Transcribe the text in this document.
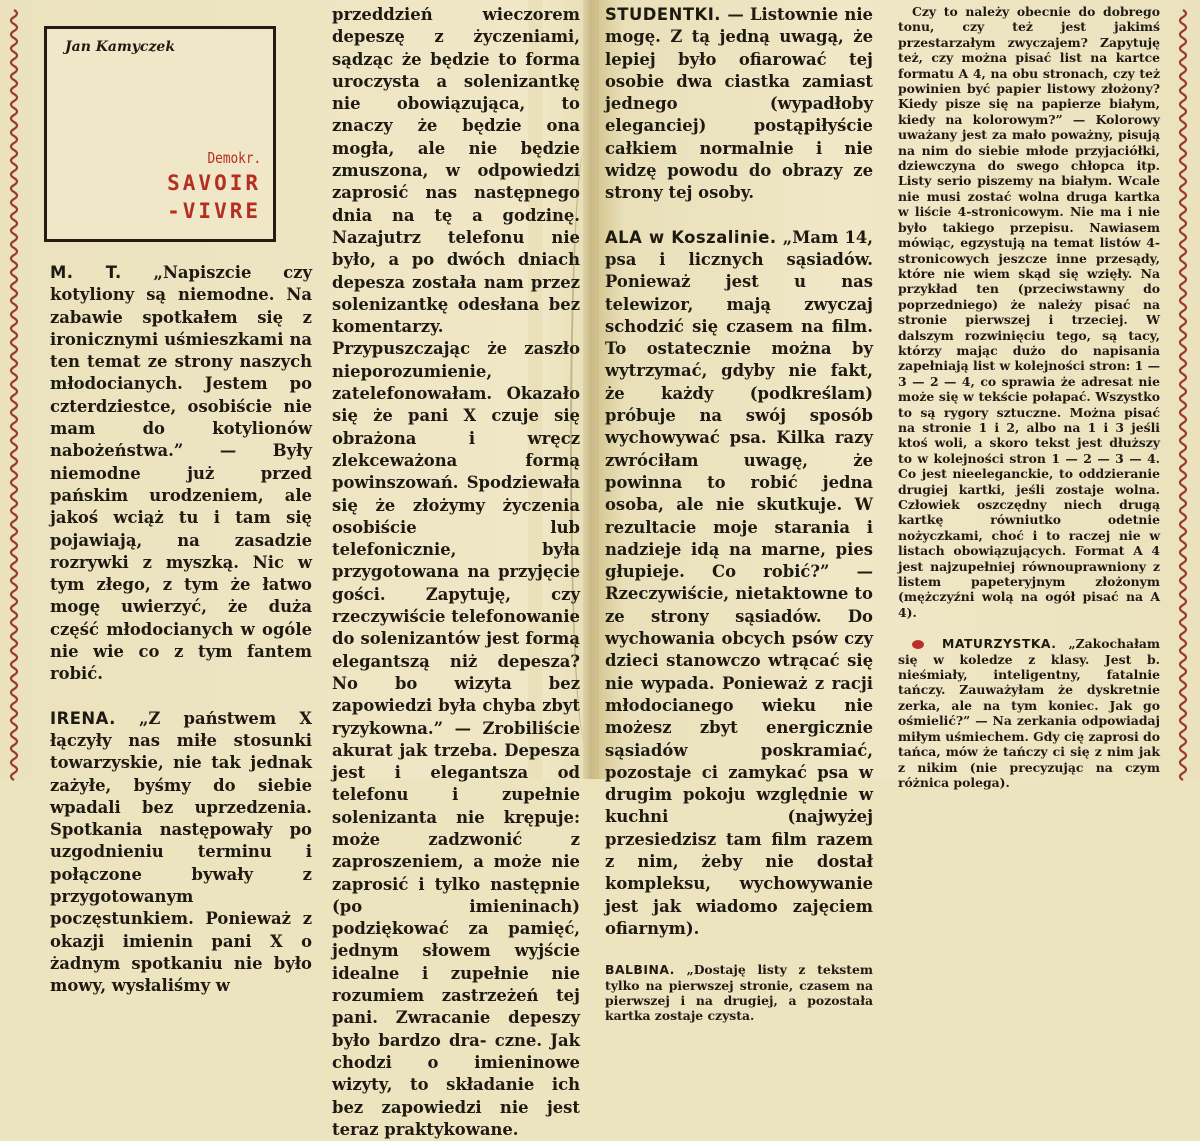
Jan Kamyczek
Demokr.
SAVOIR
-VIVRE

M. T. „Napiszcie czy kotyliony są niemodne. Na zabawie spotkałem się z ironicznymi uśmieszkami na ten temat ze strony naszych młodocianych. Jestem po czterdziestce, osobiście nie mam do kotylionów nabożeństwa.” — Były niemodne już przed pańskim urodzeniem, ale jakoś wciąż tu i tam się pojawiają, na zasadzie rozrywki z myszką. Nic w tym złego, z tym że łatwo mogę uwierzyć, że duża część młodocianych w ogóle nie wie co z tym fantem robić.

IRENA. „Z państwem X łączyły nas miłe stosunki towarzyskie, nie tak jednak zażyłe, byśmy do siebie wpadali bez uprzedzenia. Spotkania następowały po uzgodnieniu terminu i połączone bywały z przygotowanym poczęstunkiem. Ponieważ z okazji imienin pani X o żadnym spotkaniu nie było mowy, wysłaliśmy w

przeddzień wieczorem depeszę z życzeniami, sądząc że będzie to forma uroczysta a solenizantkę nie obowiązująca, to znaczy że będzie ona mogła, ale nie będzie zmuszona, w odpowiedzi zaprosić nas następnego dnia na tę a godzinę. Nazajutrz telefonu nie było, a po dwóch dniach depesza została nam przez solenizantkę odesłana bez komentarzy. Przypuszczając że zaszło nieporozumienie, zatelefonowałam. Okazało się że pani X czuje się obrażona i wręcz zlekceważona formą powinszowań. Spodziewała się że złożymy życzenia osobiście lub telefonicznie, była przygotowana na przyjęcie gości. Zapytuję, czy rzeczywiście telefonowanie do solenizantów jest formą elegantszą niż depesza? No bo wizyta bez zapowiedzi była chyba zbyt ryzykowna.” — Zrobiliście akurat jak trzeba. Depesza jest i elegantsza od telefonu i zupełnie solenizanta nie krępuje: może zadzwonić z zaproszeniem, a może nie zaprosić i tylko następnie (po imieninach) podziękować za pamięć, jednym słowem wyjście idealne i zupełnie nie rozumiem zastrzeżeń tej pani. Zwracanie depeszy było bardzo dra- czne. Jak chodzi o imieninowe wizyty, to składanie ich bez zapowiedzi nie jest teraz praktykowane.

STUDENTKI. — Listownie nie mogę. Z tą jedną uwagą, że lepiej było ofiarować tej osobie dwa ciastka zamiast jednego (wypadłoby eleganciej) postąpiłyście całkiem normalnie i nie widzę powodu do obrazy ze strony tej osoby.

ALA w Koszalinie. „Mam 14, psa i licznych sąsiadów. Ponieważ jest u nas telewizor, mają zwyczaj schodzić się czasem na film. To ostatecznie można by wytrzymać, gdyby nie fakt, że każdy (podkreślam) próbuje na swój sposób wychowywać psa. Kilka razy zwróciłam uwagę, że powinna to robić jedna osoba, ale nie skutkuje. W rezultacie moje starania i nadzieje idą na marne, pies głupieje. Co robić?” — Rzeczywiście, nietaktowne to ze strony sąsiadów. Do wychowania obcych psów czy dzieci stanowczo wtrącać się nie wypada. Ponieważ z racji młodocianego wieku nie możesz zbyt energicznie sąsiadów poskramiać, pozostaje ci zamykać psa w drugim pokoju względnie w kuchni (najwyżej przesiedzisz tam film razem z nim, żeby nie dostał kompleksu, wychowywanie jest jak wiadomo zajęciem ofiarnym).

BALBINA. „Dostaję listy z tekstem tylko na pierwszej stronie, czasem na pierwszej i na drugiej, a pozostała kartka zostaje czysta.

Czy to należy obecnie do dobrego tonu, czy też jest jakimś przestarzałym zwyczajem? Zapytuję też, czy można pisać list na kartce formatu A 4, na obu stronach, czy też powinien być papier listowy złożony? Kiedy pisze się na papierze białym, kiedy na kolorowym?” — Kolorowy uważany jest za mało poważny, pisują na nim do siebie młode przyjaciółki, dziewczyna do swego chłopca itp. Listy serio piszemy na białym. Wcale nie musi zostać wolna druga kartka w liście 4-stronicowym. Nie ma i nie było takiego przepisu. Nawiasem mówiąc, egzystują na temat listów 4-stronicowych jeszcze inne przesądy, które nie wiem skąd się wzięły. Na przykład ten (przeciwstawny do poprzedniego) że należy pisać na stronie pierwszej i trzeciej. W dalszym rozwinięciu tego, są tacy, którzy mając dużo do napisania zapełniają list w kolejności stron: 1 — 3 — 2 — 4, co sprawia że adresat nie może się w tekście połapać. Wszystko to są rygory sztuczne. Można pisać na stronie 1 i 2, albo na 1 i 3 jeśli ktoś woli, a skoro tekst jest dłuższy to w kolejności stron 1 — 2 — 3 — 4. Co jest nieeleganckie, to oddzieranie drugiej kartki, jeśli zostaje wolna. Człowiek oszczędny niech drugą kartkę równiutko odetnie nożyczkami, choć i to raczej nie w listach obowiązujących. Format A 4 jest najzupełniej równouprawniony z listem papeteryjnym złożonym (mężczyźni wolą na ogół pisać na A 4).

MATURZYSTKA. „Zakochałam się w koledze z klasy. Jest b. nieśmiały, inteligentny, fatalnie tańczy. Zauważyłam że dyskretnie zerka, ale na tym koniec. Jak go ośmielić?” — Na zerkania odpowiadaj miłym uśmiechem. Gdy cię zaprosi do tańca, mów że tańczy ci się z nim jak z nikim (nie precyzując na czym różnica polega).
